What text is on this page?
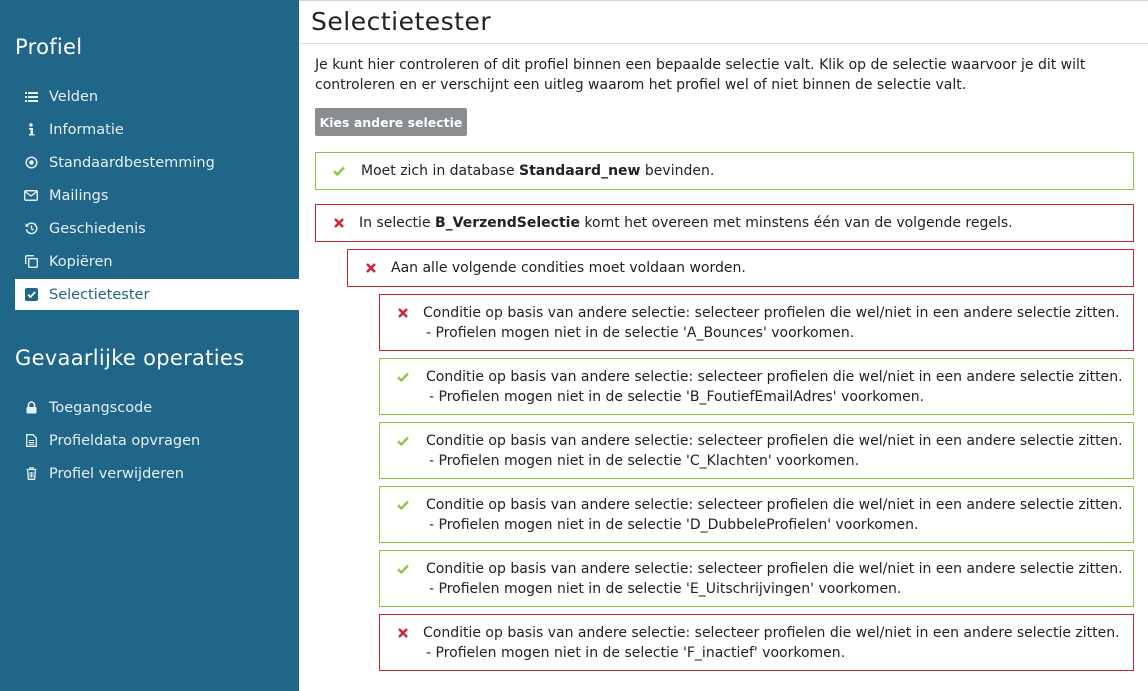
Profiel
Velden
Informatie
Standaardbestemming
Mailings
Geschiedenis
Kopiëren
Selectietester
Gevaarlijke operaties
Toegangscode
Profieldata opvragen
Profiel verwijderen
Selectietester

Je kunt hier controleren of dit profiel binnen een bepaalde selectie valt. Klik op de selectie waarvoor je dit wilt controleren en er verschijnt een uitleg waarom het profiel wel of niet binnen de selectie valt.

Kies andere selectie
Moet zich in database Standaard_new bevinden.
In selectie B_VerzendSelectie komt het overeen met minstens één van de volgende regels.
Aan alle volgende condities moet voldaan worden.
Conditie op basis van andere selectie: selecteer profielen die wel/niet in een andere selectie zitten.
- Profielen mogen niet in de selectie 'A_Bounces' voorkomen.
Conditie op basis van andere selectie: selecteer profielen die wel/niet in een andere selectie zitten.
- Profielen mogen niet in de selectie 'B_FoutiefEmailAdres' voorkomen.
Conditie op basis van andere selectie: selecteer profielen die wel/niet in een andere selectie zitten.
- Profielen mogen niet in de selectie 'C_Klachten' voorkomen.
Conditie op basis van andere selectie: selecteer profielen die wel/niet in een andere selectie zitten.
- Profielen mogen niet in de selectie 'D_DubbeleProfielen' voorkomen.
Conditie op basis van andere selectie: selecteer profielen die wel/niet in een andere selectie zitten.
- Profielen mogen niet in de selectie 'E_Uitschrijvingen' voorkomen.
Conditie op basis van andere selectie: selecteer profielen die wel/niet in een andere selectie zitten.
- Profielen mogen niet in de selectie 'F_inactief' voorkomen.
